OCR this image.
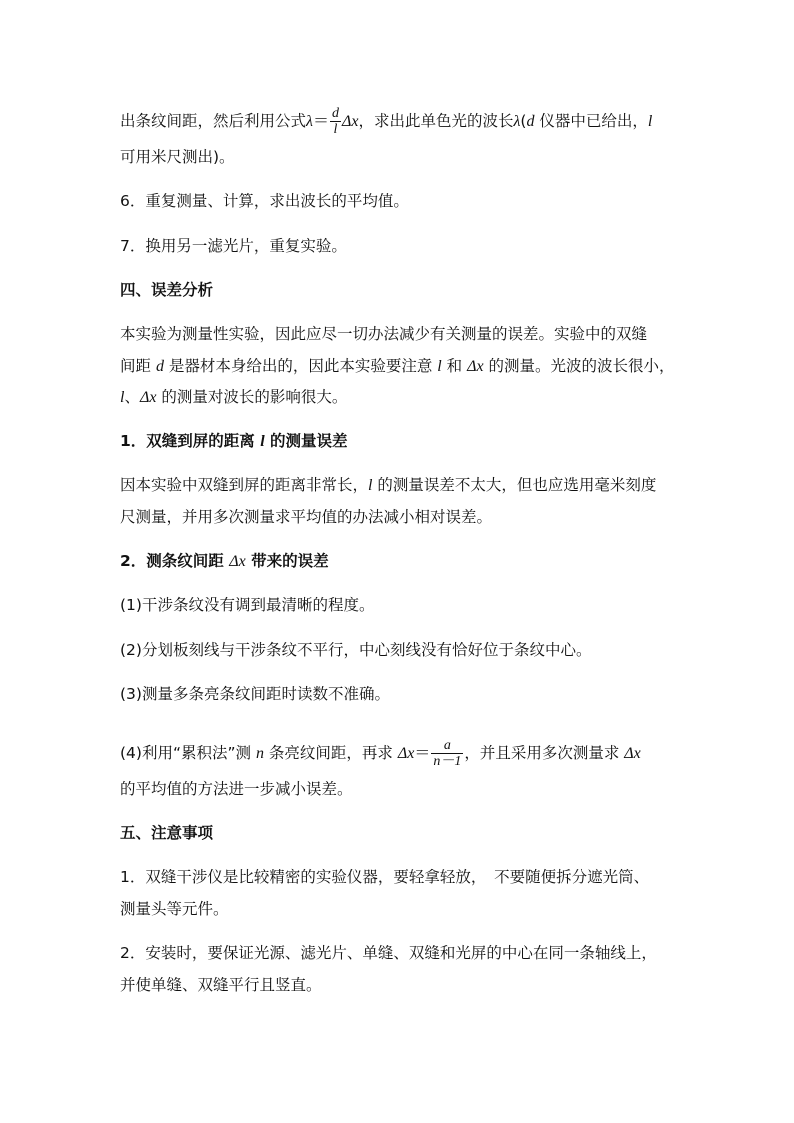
出条纹间距，然后利用公式$\lambda= \frac{d}{l}$ Δx，求出此单色光的波长λ(d 仪器中已给出，l
可用米尺测出)。
6．重复测量、计算，求出波长的平均值。
7．换用另一滤光片，重复实验。
四、误差分析
本实验为测量性实验，因此应尽一切办法减少有关测量的误差。实验中的双缝
间距 d 是器材本身给出的，因此本实验要注意 l 和 Δx 的测量。光波的波长很小，
l、Δx 的测量对波长的影响很大。
1．双缝到屏的距离 l 的测量误差
因本实验中双缝到屏的距离非常长，l 的测量误差不太大，但也应选用毫米刻度
尺测量，并用多次测量求平均值的办法减小相对误差。
2．测条纹间距 Δx 带来的误差
(1)干涉条纹没有调到最清晰的程度。
(2)分划板刻线与干涉条纹不平行，中心刻线没有恰好位于条纹中心。
(3)测量多条亮条纹间距时读数不准确。
(4)利用“累积法”测 n 条亮纹间距，再求 $\Delta x= \frac{a}{n-1}$ ，并且采用多次测量求 Δx
的平均值的方法进一步减小误差。
五、注意事项
1．双缝干涉仪是比较精密的实验仪器，要轻拿轻放，　不要随便拆分遮光筒、
测量头等元件。
2．安装时，要保证光源、滤光片、单缝、双缝和光屏的中心在同一条轴线上，
并使单缝、双缝平行且竖直。
